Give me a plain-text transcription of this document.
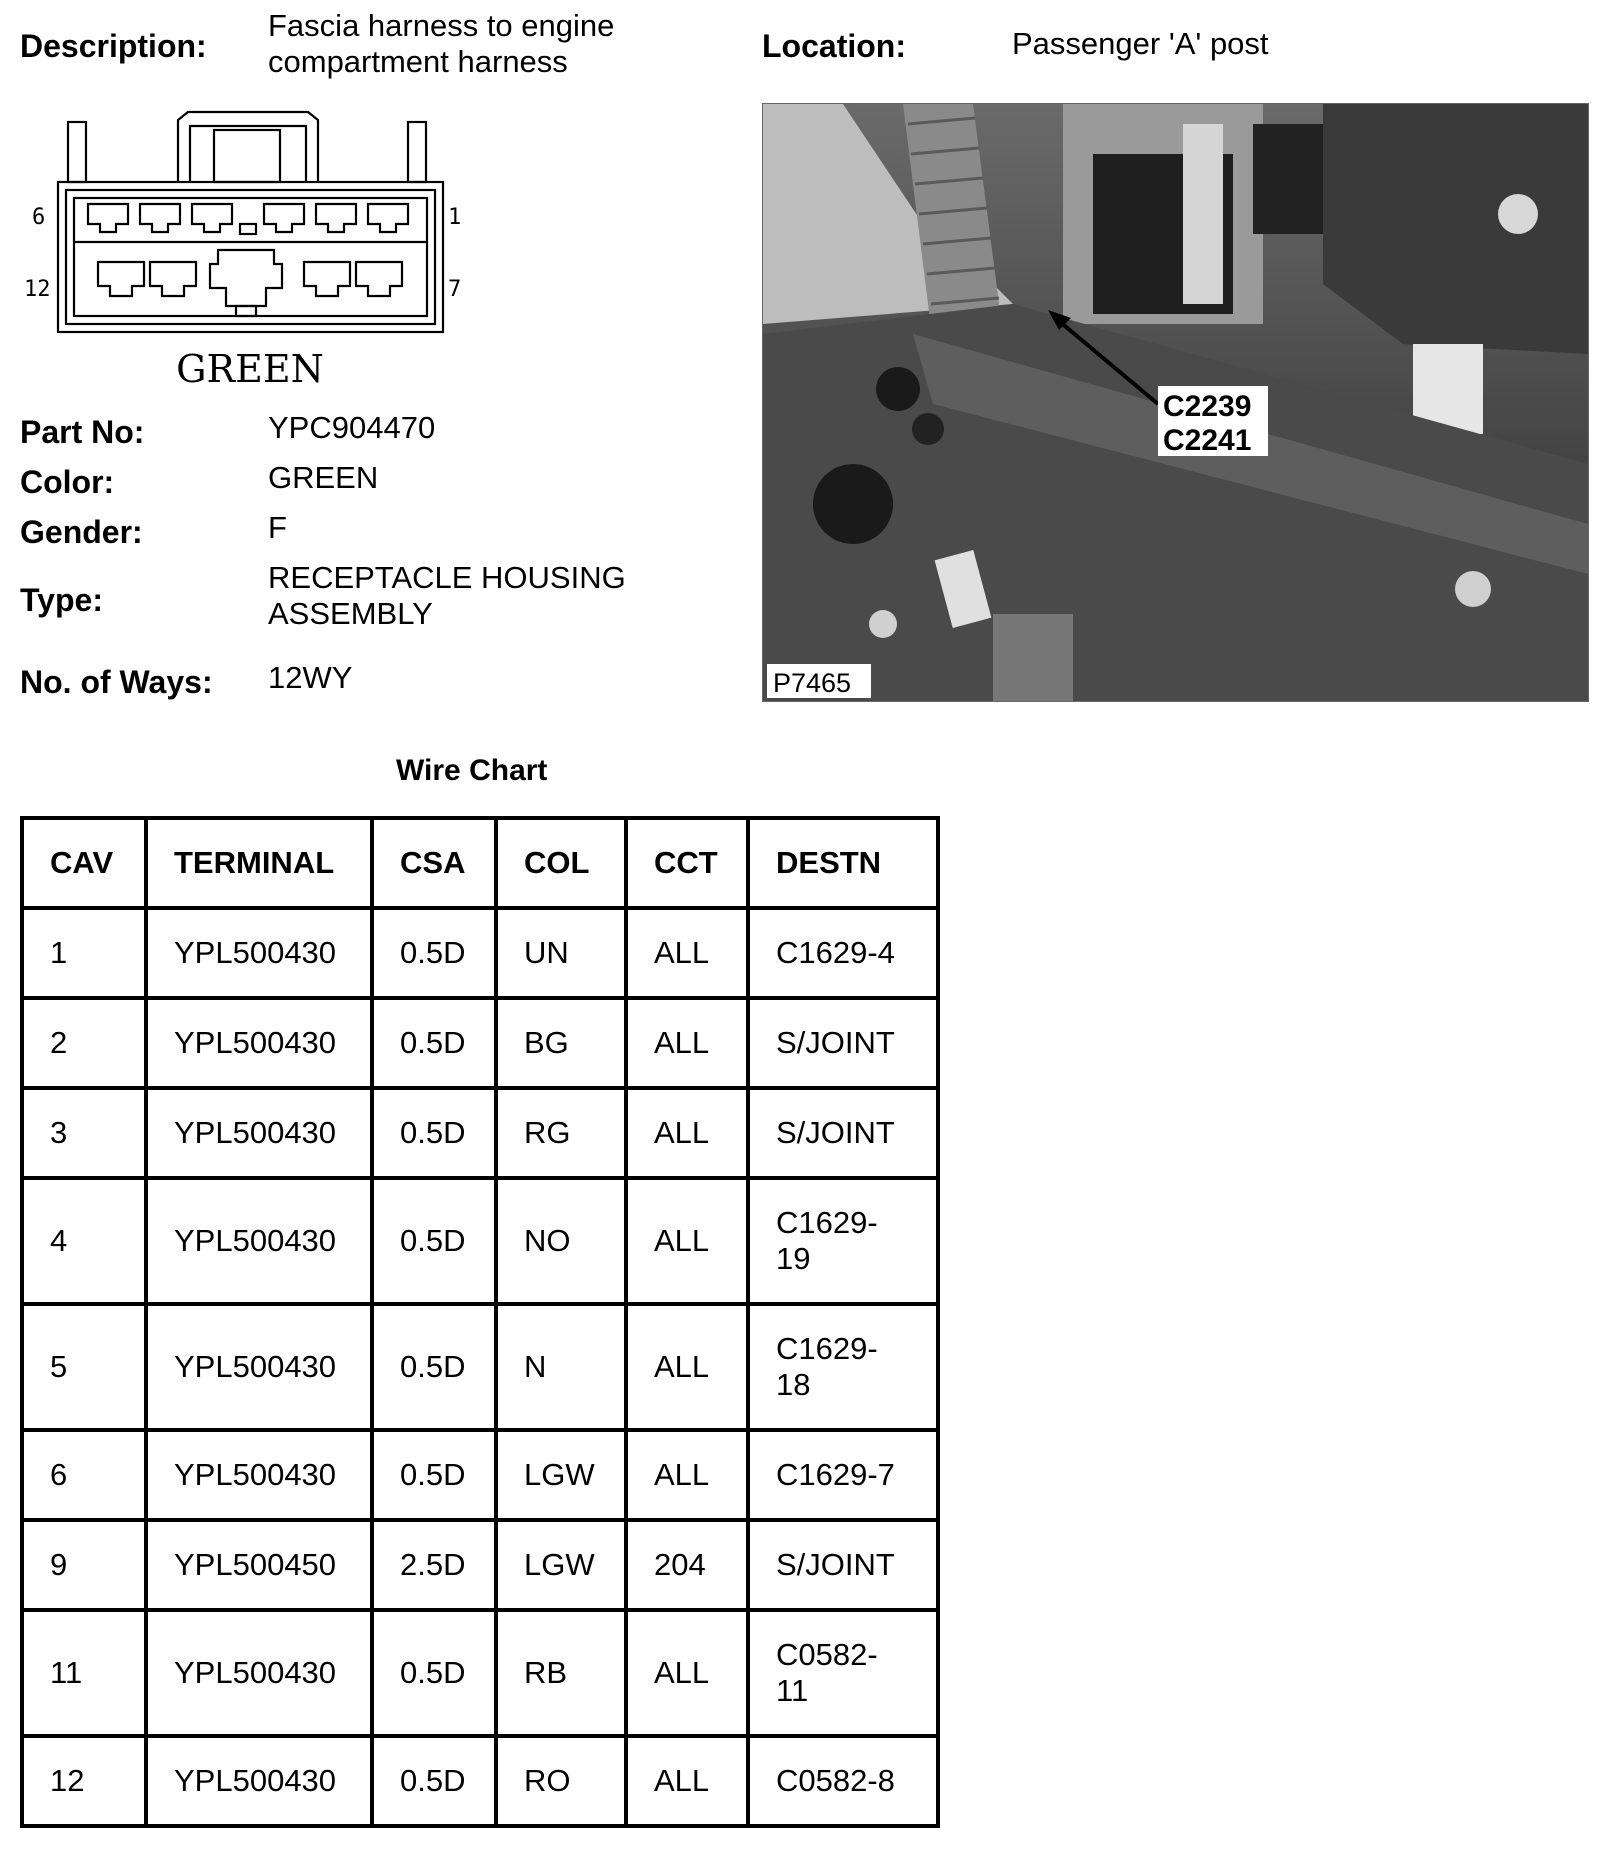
Description:
Fascia harness to engine
compartment harness	Location:	Passenger 'A' post
6	1
12	7
GREEN
Part No:	YPC904470
Color:	GREEN
Gender:	F
Type:
RECEPTACLE HOUSING
ASSEMBLY
No. of Ways: 12WY
C2239
C2241
P7465
Wire Chart
CAV	TERMINAL	CSA	COL	CCT	DESTN
1	YPL500430	0.5D	UN	ALL	C1629-4

2	YPL500430	0.5D	BG	ALL	S/JOINT

3	YPL500430	0.5D	RG	ALL	S/JOINT

4	YPL500430	0.5D	NO	ALL	C1629-
19

5	YPL500430	0.5D	N	ALL	C1629-
18

6	YPL500430	0.5D	LGW	ALL	C1629-7

9	YPL500450	2.5D	LGW	204	S/JOINT

11	YPL500430	0.5D	RB	ALL	C0582-
11

12	YPL500430	0.5D	RO	ALL	C0582-8
